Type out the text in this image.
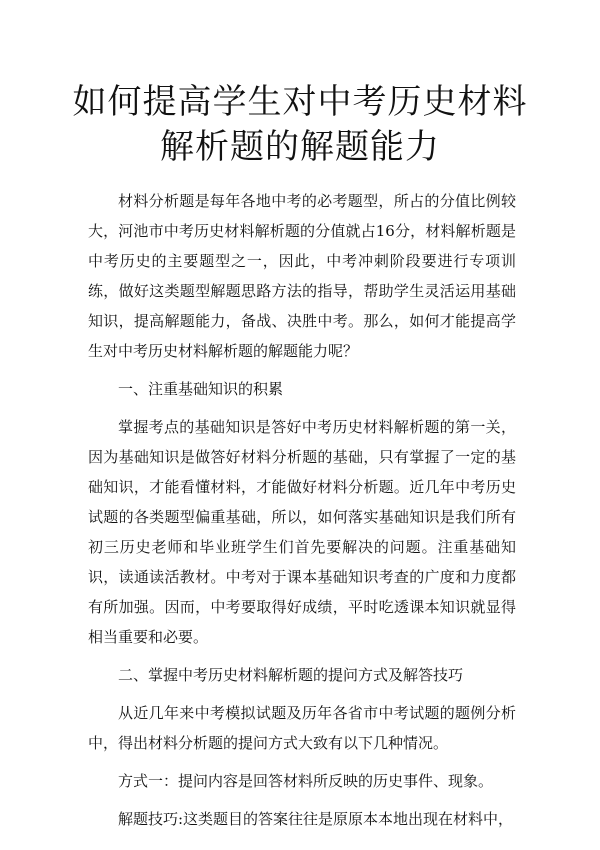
如何提高学生对中考历史材料
解析题的解题能力

材料分析题是每年各地中考的必考题型，所占的分值比例较大，河池市中考历史材料解析题的分值就占16分，材料解析题是中考历史的主要题型之一，因此，中考冲刺阶段要进行专项训练，做好这类题型解题思路方法的指导，帮助学生灵活运用基础知识，提高解题能力，备战、决胜中考。那么，如何才能提高学生对中考历史材料解析题的解题能力呢？

一、注重基础知识的积累

掌握考点的基础知识是答好中考历史材料解析题的第一关，因为基础知识是做答好材料分析题的基础，只有掌握了一定的基础知识，才能看懂材料，才能做好材料分析题。近几年中考历史试题的各类题型偏重基础，所以，如何落实基础知识是我们所有初三历史老师和毕业班学生们首先要解决的问题。注重基础知识，读通读活教材。中考对于课本基础知识考查的广度和力度都有所加强。因而，中考要取得好成绩，平时吃透课本知识就显得相当重要和必要。

二、掌握中考历史材料解析题的提问方式及解答技巧

从近几年来中考模拟试题及历年各省市中考试题的题例分析中，得出材料分析题的提问方式大致有以下几种情况。

方式一：提问内容是回答材料所反映的历史事件、现象。

解题技巧:这类题目的答案往往是原原本本地出现在材料中，
